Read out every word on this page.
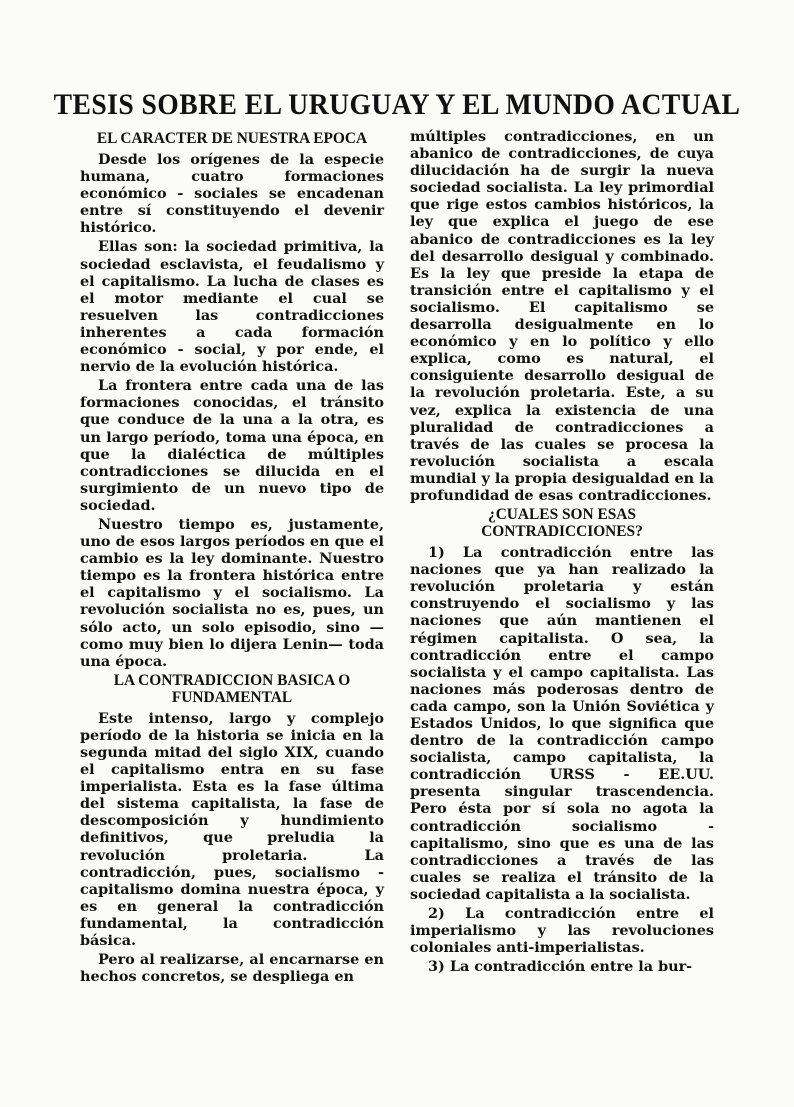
TESIS SOBRE EL URUGUAY Y EL MUNDO ACTUAL
EL CARACTER DE NUESTRA EPOCA

Desde los orígenes de la especie humana, cuatro formaciones económico - sociales se encadenan entre sí constituyendo el devenir histórico.

Ellas son: la sociedad primitiva, la sociedad esclavista, el feudalismo y el capitalismo. La lucha de clases es el motor mediante el cual se resuelven las contradicciones inherentes a cada formación económico - social, y por ende, el nervio de la evolución histórica.

La frontera entre cada una de las formaciones conocidas, el tránsito que conduce de la una a la otra, es un largo período, toma una época, en que la dialéctica de múltiples contradicciones se dilucida en el surgimiento de un nuevo tipo de sociedad.

Nuestro tiempo es, justamente, uno de esos largos períodos en que el cambio es la ley dominante. Nuestro tiempo es la frontera histórica entre el capitalismo y el socialismo. La revolución socialista no es, pues, un sólo acto, un solo episodio, sino —como muy bien lo dijera Lenin— toda una época.

LA CONTRADICCION BASICA O FUNDAMENTAL

Este intenso, largo y complejo período de la historia se inicia en la segunda mitad del siglo XIX, cuando el capitalismo entra en su fase imperialista. Esta es la fase última del sistema capitalista, la fase de descomposición y hundimiento definitivos, que preludia la revolución proletaria. La contradicción, pues, socialismo - capitalismo domina nuestra época, y es en general la contradicción fundamental, la contradicción básica.

Pero al realizarse, al encarnarse en hechos concretos, se despliega en

múltiples contradicciones, en un abanico de contradicciones, de cuya dilucidación ha de surgir la nueva sociedad socialista. La ley primordial que rige estos cambios históricos, la ley que explica el juego de ese abanico de contradicciones es la ley del desarrollo desigual y combinado. Es la ley que preside la etapa de transición entre el capitalismo y el socialismo. El capitalismo se desarrolla desigualmente en lo económico y en lo político y ello explica, como es natural, el consiguiente desarrollo desigual de la revolución proletaria. Este, a su vez, explica la existencia de una pluralidad de contradicciones a través de las cuales se procesa la revolución socialista a escala mundial y la propia desigualdad en la profundidad de esas contradicciones.

¿CUALES SON ESAS CONTRADICCIONES?

1) La contradicción entre las naciones que ya han realizado la revolución proletaria y están construyendo el socialismo y las naciones que aún mantienen el régimen capitalista. O sea, la contradicción entre el campo socialista y el campo capitalista. Las naciones más poderosas dentro de cada campo, son la Unión Soviética y Estados Unidos, lo que significa que dentro de la contradicción campo socialista, campo capitalista, la contradicción URSS - EE.UU. presenta singular trascendencia. Pero ésta por sí sola no agota la contradicción socialismo - capitalismo, sino que es una de las contradicciones a través de las cuales se realiza el tránsito de la sociedad capitalista a la socialista.

2) La contradicción entre el imperialismo y las revoluciones coloniales anti-imperialistas.

3) La contradicción entre la bur-
